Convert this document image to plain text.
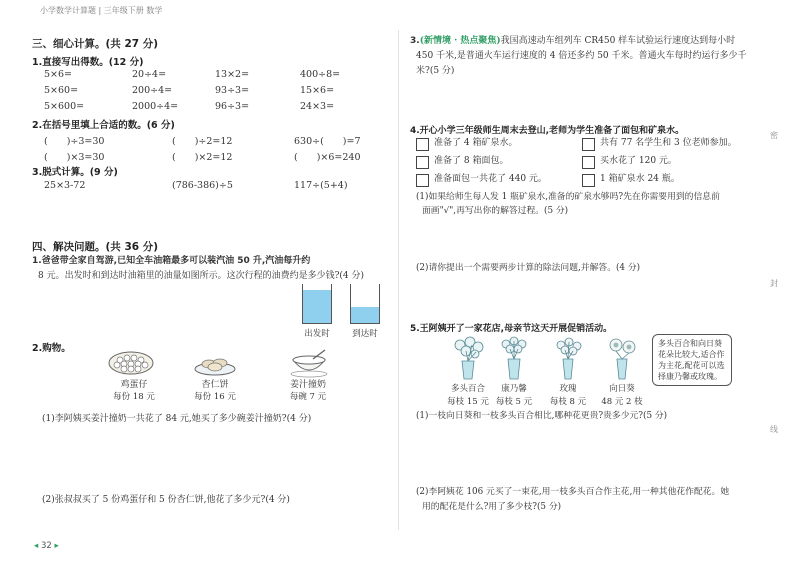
小学数学计算题 | 三年级下册 数学
三、细心计算。(共 27 分)
1.直接写出得数。(12 分)
5×6=	20÷4=	13×2=	400÷8=
5×60=	200÷4=	93÷3=	15×6=
5×600=	2000÷4=	96÷3=	24×3=
2.在括号里填上合适的数。(6 分)
(　　)÷3=30	(　　)÷2=12	630÷(　　)=7
(　　)×3=30	(　　)×2=12	(　　)×6=240
3.脱式计算。(9 分)
25×3-72	(786-386)÷5	117÷(5+4)
四、解决问题。(共 36 分)
1.爸爸带全家自驾游,已知全车油箱最多可以装汽油 50 升,汽油每升约
8 元。出发时和到达时油箱里的油量如图所示。这次行程的油费约是多少钱?(4 分)
出发时	到达时
2.购物。
鸡蛋仔
每份 18 元
杏仁饼
每份 16 元
姜汁撞奶
每碗 7 元
(1)李阿姨买姜汁撞奶一共花了 84 元,她买了多少碗姜汁撞奶?(4 分)
(2)张叔叔买了 5 份鸡蛋仔和 5 份杏仁饼,他花了多少元?(4 分)
◂ 32 ▸
3.(新情境 · 热点聚焦)我国高速动车组列车 CR450 样车试验运行速度达到每小时
450 千米,是普通火车运行速度的 4 倍还多约 50 千米。普通火车每时约运行多少千
米?(5 分)
4.开心小学三年级师生周末去登山,老师为学生准备了面包和矿泉水。
准备了 4 箱矿泉水。
准备了 8 箱面包。
准备面包一共花了 440 元。
共有 77 名学生和 3 位老师参加。
买水花了 120 元。
1 箱矿泉水 24 瓶。
(1)如果给师生每人发 1 瓶矿泉水,准备的矿泉水够吗?先在你需要用到的信息前
面画"√",再写出你的解答过程。(5 分)
(2)请你提出一个需要两步计算的除法问题,并解答。(4 分)
5.王阿姨开了一家花店,母亲节这天开展促销活动。
多头百合
每枝 15 元
康乃馨
每枝 5 元
玫瑰
每枝 8 元
向日葵
48 元 2 枝
多头百合和向日葵花朵比较大,适合作为主花,配花可以选择康乃馨或玫瑰。
(1)一枝向日葵和一枝多头百合相比,哪种花更贵?贵多少元?(5 分)
(2)李阿姨花 106 元买了一束花,用一枝多头百合作主花,用一种其他花作配花。她
用的配花是什么?用了多少枝?(5 分)
密
封
线
